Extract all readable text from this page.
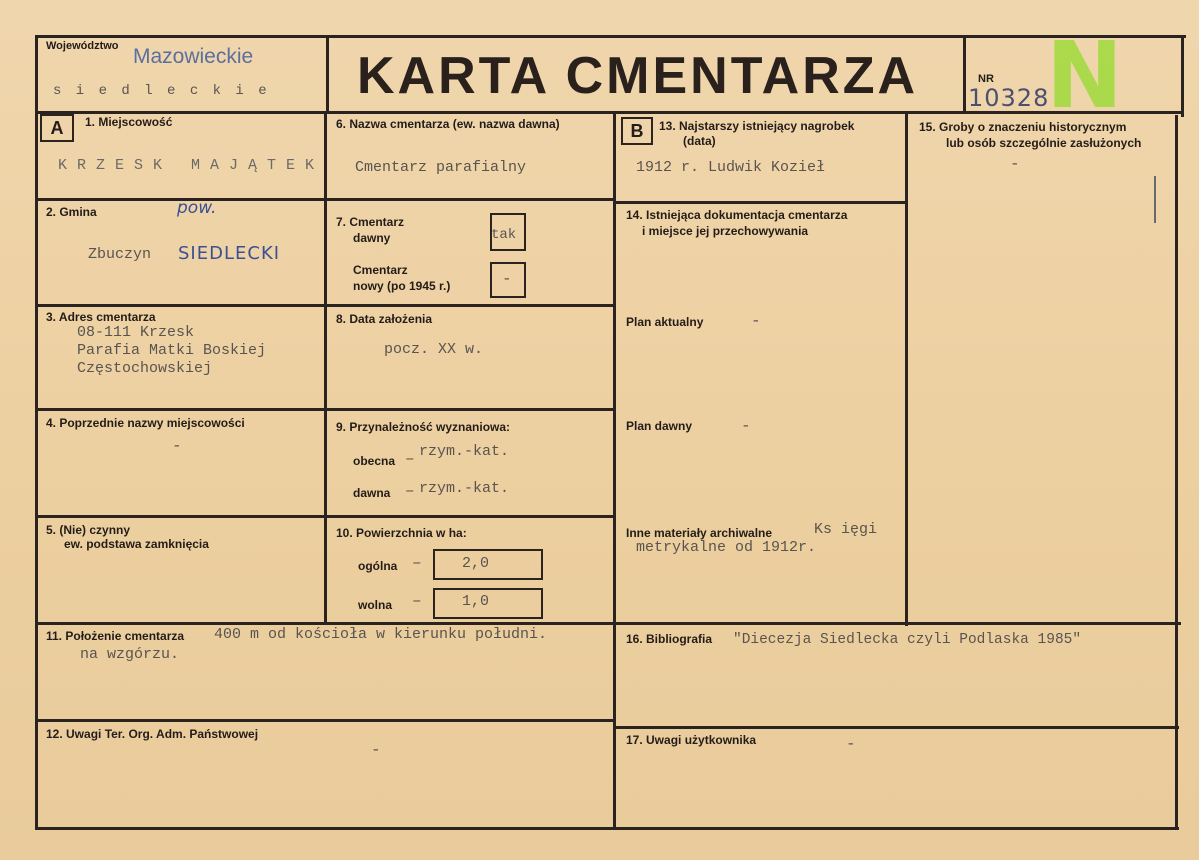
Województwo Mazowieckie
s i e d l e c k i e KARTA CMENTARZA	NR
10328
N
A	1. Miejscowość
KRZESK MAJĄTEK
2. Gmina	pow.
Zbuczyn SIEDLECKI
3. Adres cmentarza
08-111 Krzesk
Parafia Matki Boskiej
Częstochowskiej
4. Poprzednie nazwy miejscowości
-
5. (Nie) czynny
ew. podstawa zamknięcia
6. Nazwa cmentarza (ew. nazwa dawna)
Cmentarz parafialny
7. Cmentarz
dawny	tak
Cmentarz
nowy (po 1945 r.)	-
8. Data założenia
pocz. XX w.
9. Przynależność wyznaniowa:
obecna – rzym.-kat.
dawna – rzym.-kat.
10. Powierzchnia w ha:
ogólna –	2,0
wolna –	1,0
11. Położenie cmentarza 400 m od kościoła w kierunku południ.
na wzgórzu.
12. Uwagi Ter. Org. Adm. Państwowej
-
B	13. Najstarszy istniejący nagrobek
(data)
1912 r. Ludwik Kozieł
14. Istniejąca dokumentacja cmentarza
i miejsce jej przechowywania
Plan aktualny	-
Plan dawny	-
Inne materiały archiwalne	Ks ięgi
metrykalne od 1912r.
15. Groby o znaczeniu historycznym
lub osób szczególnie zasłużonych
-
16. Bibliografia "Diecezja Siedlecka czyli Podlaska 1985"
17. Uwagi użytkownika	-
